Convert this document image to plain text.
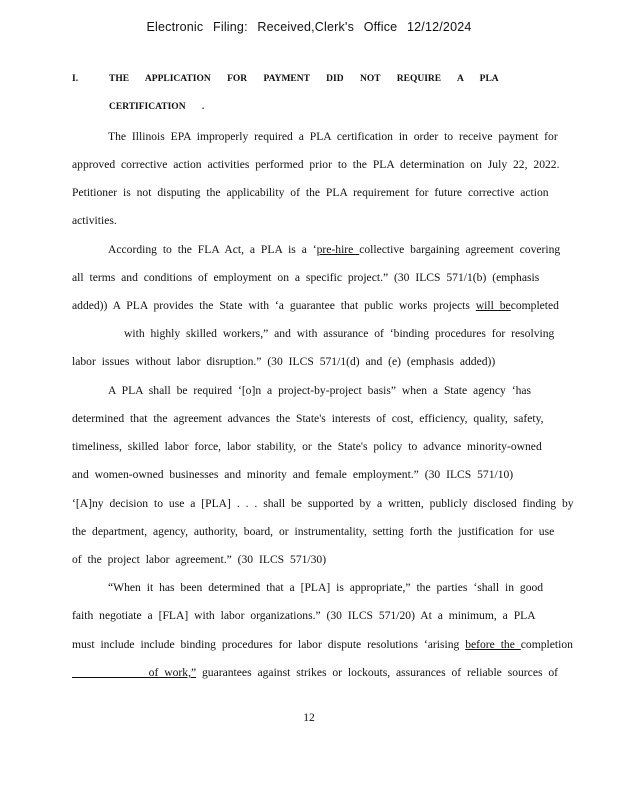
Electronic Filing: Received,Clerk's Office 12/12/2024
I.	THE APPLICATION FOR PAYMENT DID NOT REQUIRE A PLA
CERTIFICATION .
The Illinois EPA improperly required a PLA certification in order to receive payment for
approved corrective action activities performed prior to the PLA determination on July 22, 2022.
Petitioner is not disputing the applicability of the PLA requirement for future corrective action
activities.
According to the FLA Act, a PLA is a ‘pre-hire collective bargaining agreement covering
all terms and conditions of employment on a specific project.” (30 ILCS 571/1(b) (emphasis
added)) A PLA provides the State with ‘a guarantee that public works projects will becompleted
with highly skilled workers,” and with assurance of ‘binding procedures for resolving
labor issues without labor disruption.” (30 ILCS 571/1(d) and (e) (emphasis added))
A PLA shall be required ‘[o]n a project-by-project basis” when a State agency ‘has
determined that the agreement advances the State's interests of cost, efficiency, quality, safety,
timeliness, skilled labor force, labor stability, or the State's policy to advance minority-owned
and women-owned businesses and minority and female employment.” (30 ILCS 571/10)
‘[A]ny decision to use a [PLA] . . . shall be supported by a written, publicly disclosed finding by
the department, agency, authority, board, or instrumentality, setting forth the justification for use
of the project labor agreement.” (30 ILCS 571/30)
“When it has been determined that a [PLA] is appropriate,” the parties ‘shall in good
faith negotiate a [FLA] with labor organizations.” (30 ILCS 571/20) At a minimum, a PLA
must include include binding procedures for labor dispute resolutions ‘arising before the completion
of work,” guarantees against strikes or lockouts, assurances of reliable sources of
12
